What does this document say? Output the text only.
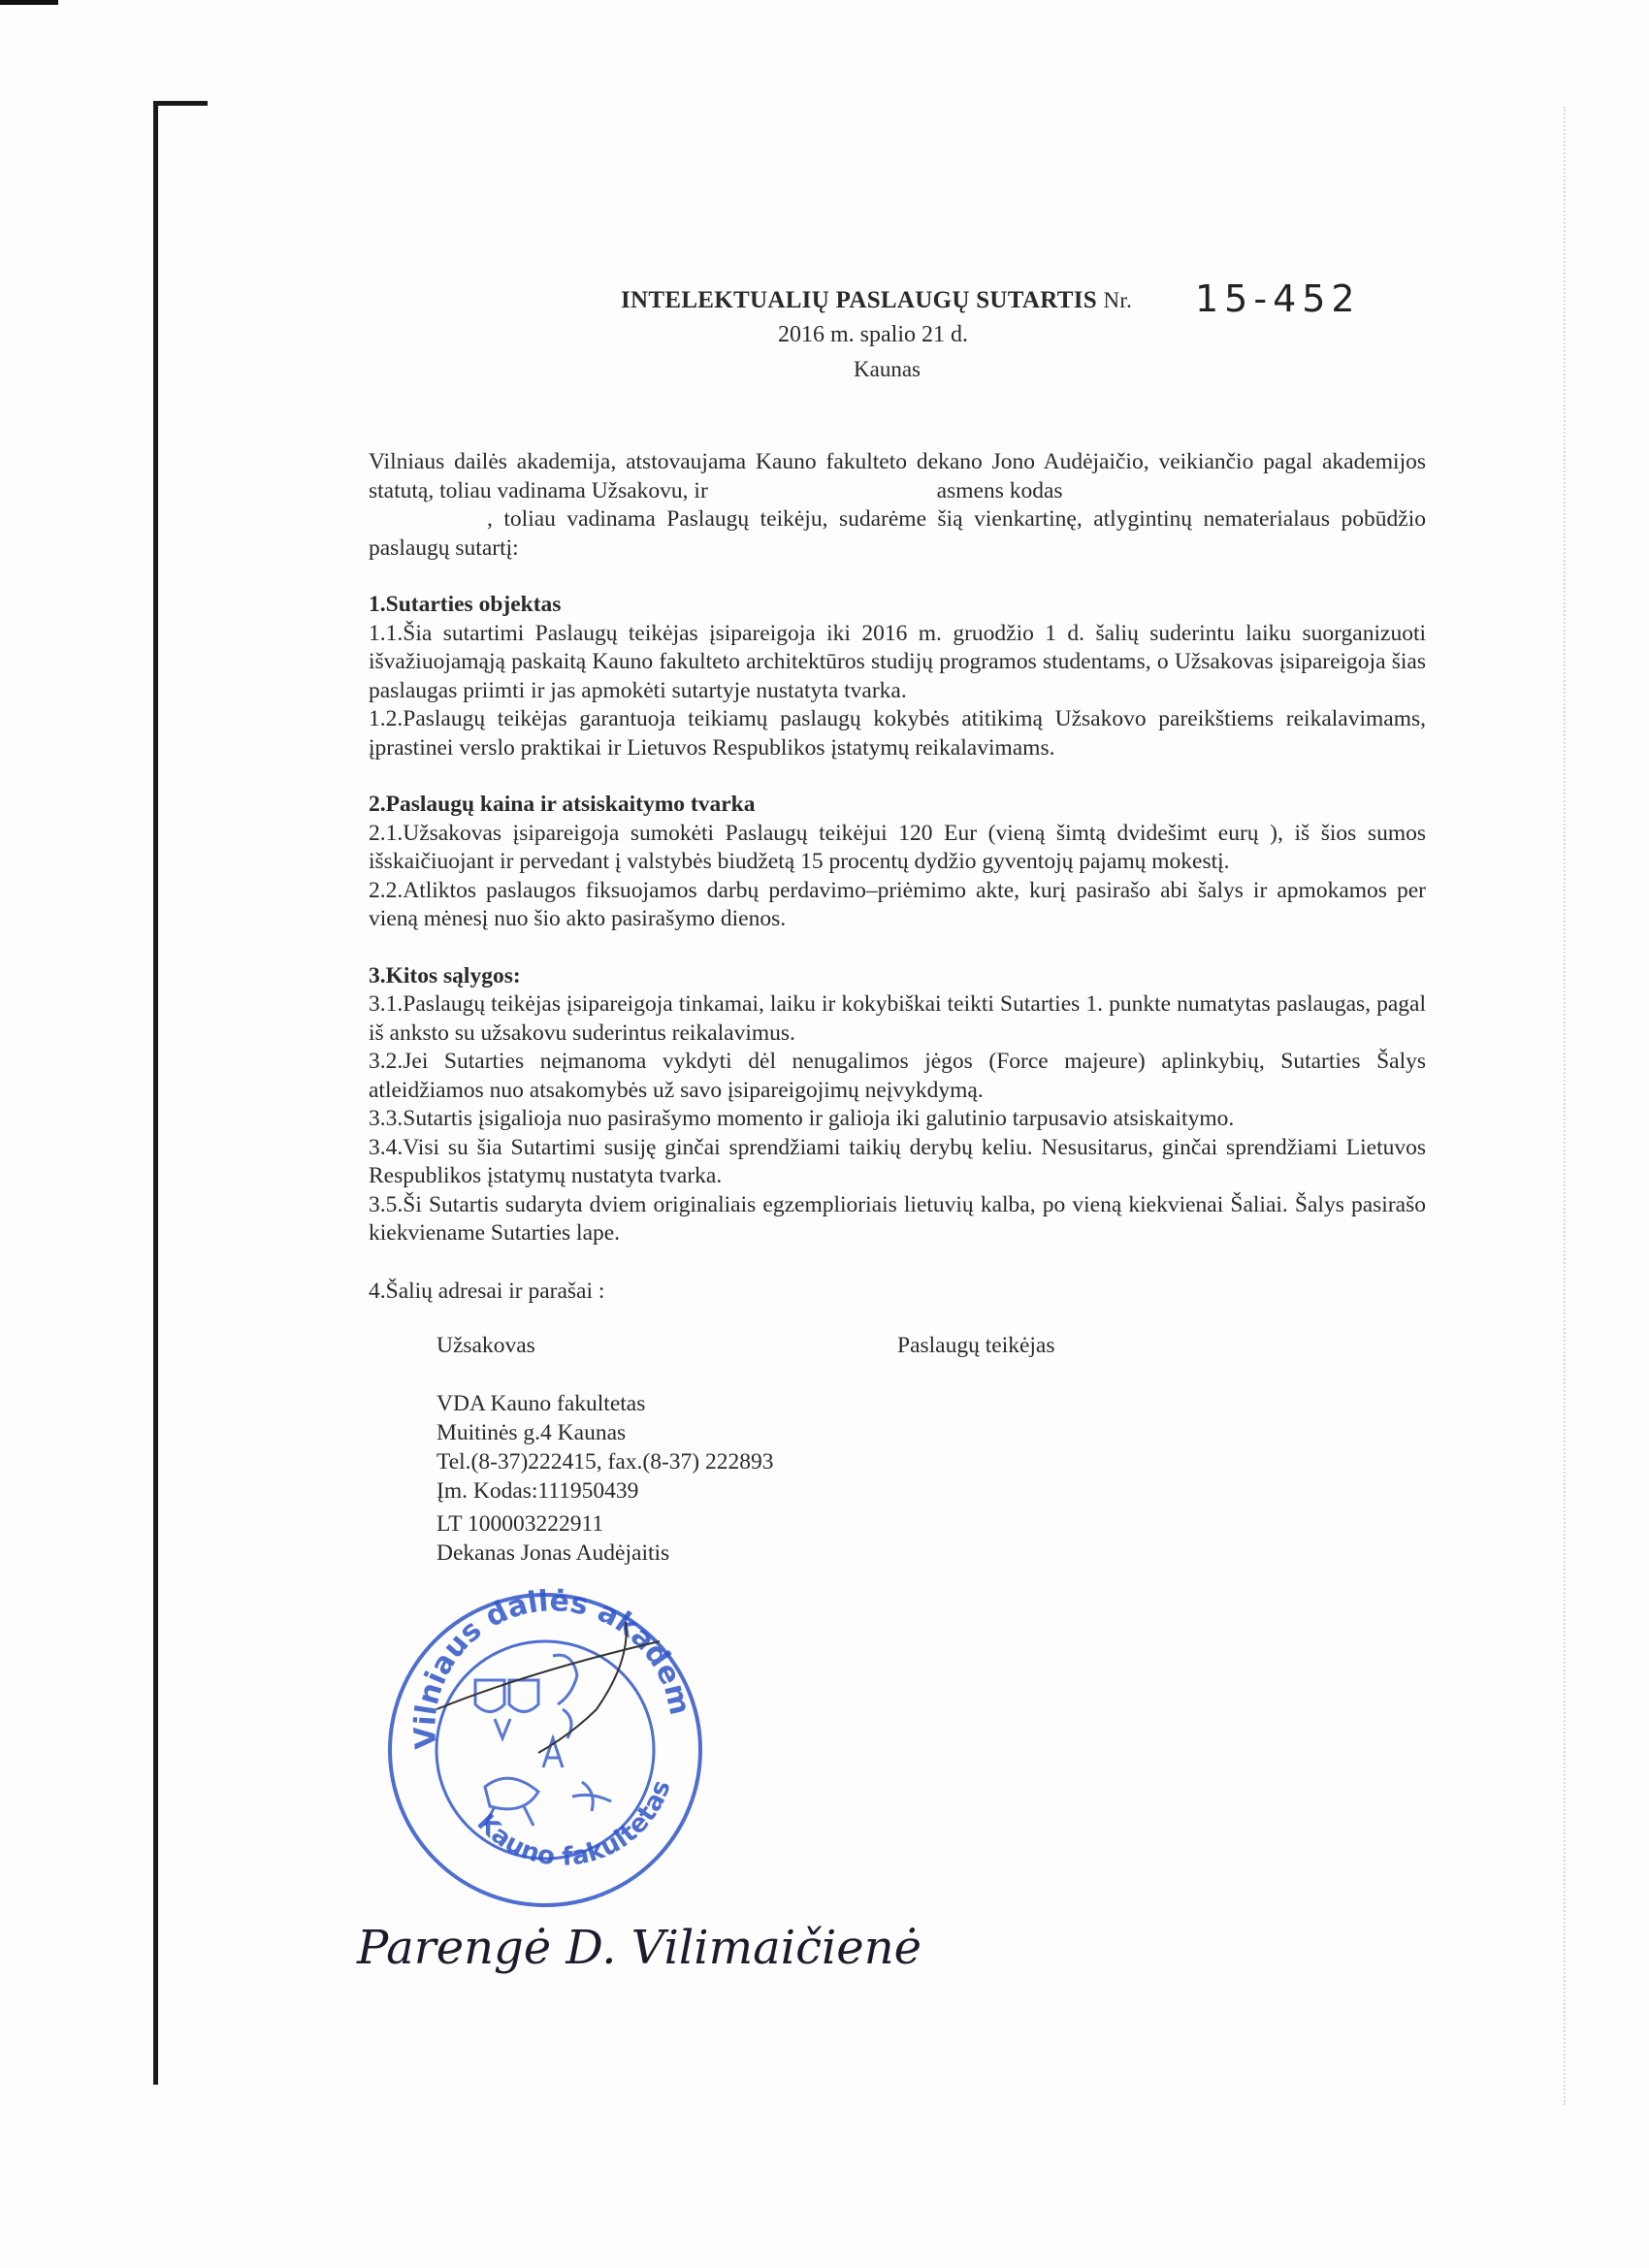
INTELEKTUALIŲ PASLAUGŲ SUTARTIS Nr. 15-452
2016 m. spalio 21 d.
Kaunas

Vilniaus dailės akademija, atstovaujama Kauno fakulteto dekano Jono Audėjaičio, veikiančio pagal akademijos statutą, toliau vadinama Užsakovu, ir	asmens kodas
, toliau vadinama Paslaugų teikėju, sudarėme šią vienkartinę, atlygintinų nematerialaus pobūdžio paslaugų sutartį:

1.Sutarties objektas

1.1.Šia sutartimi Paslaugų teikėjas įsipareigoja iki 2016 m. gruodžio 1 d. šalių suderintu laiku suorganizuoti išvažiuojamąją paskaitą Kauno fakulteto architektūros studijų programos studentams, o Užsakovas įsipareigoja šias paslaugas priimti ir jas apmokėti sutartyje nustatyta tvarka.

1.2.Paslaugų teikėjas garantuoja teikiamų paslaugų kokybės atitikimą Užsakovo pareikštiems reikalavimams, įprastinei verslo praktikai ir Lietuvos Respublikos įstatymų reikalavimams.

2.Paslaugų kaina ir atsiskaitymo tvarka

2.1.Užsakovas įsipareigoja sumokėti Paslaugų teikėjui 120 Eur (vieną šimtą dvidešimt eurų ), iš šios sumos išskaičiuojant ir pervedant į valstybės biudžetą 15 procentų dydžio gyventojų pajamų mokestį.

2.2.Atliktos paslaugos fiksuojamos darbų perdavimo–priėmimo akte, kurį pasirašo abi šalys ir apmokamos per vieną mėnesį nuo šio akto pasirašymo dienos.

3.Kitos sąlygos:

3.1.Paslaugų teikėjas įsipareigoja tinkamai, laiku ir kokybiškai teikti Sutarties 1. punkte numatytas paslaugas, pagal iš anksto su užsakovu suderintus reikalavimus.

3.2.Jei Sutarties neįmanoma vykdyti dėl nenugalimos jėgos (Force majeure) aplinkybių, Sutarties Šalys atleidžiamos nuo atsakomybės už savo įsipareigojimų neįvykdymą.

3.3.Sutartis įsigalioja nuo pasirašymo momento ir galioja iki galutinio tarpusavio atsiskaitymo.

3.4.Visi su šia Sutartimi susiję ginčai sprendžiami taikių derybų keliu. Nesusitarus, ginčai sprendžiami Lietuvos Respublikos įstatymų nustatyta tvarka.

3.5.Ši Sutartis sudaryta dviem originaliais egzemplioriais lietuvių kalba, po vieną kiekvienai Šaliai. Šalys pasirašo kiekviename Sutarties lape.

4.Šalių adresai ir parašai :
Užsakovas	Paslaugų teikėjas
VDA Kauno fakultetas
Muitinės g.4 Kaunas
Tel.(8-37)222415, fax.(8-37) 222893
Įm. Kodas:111950439
LT 100003222911
Dekanas Jonas Audėjaitis
Vilniaus dailės akadem
Kauno fakultetas
Parengė D. Vilimaičienė
